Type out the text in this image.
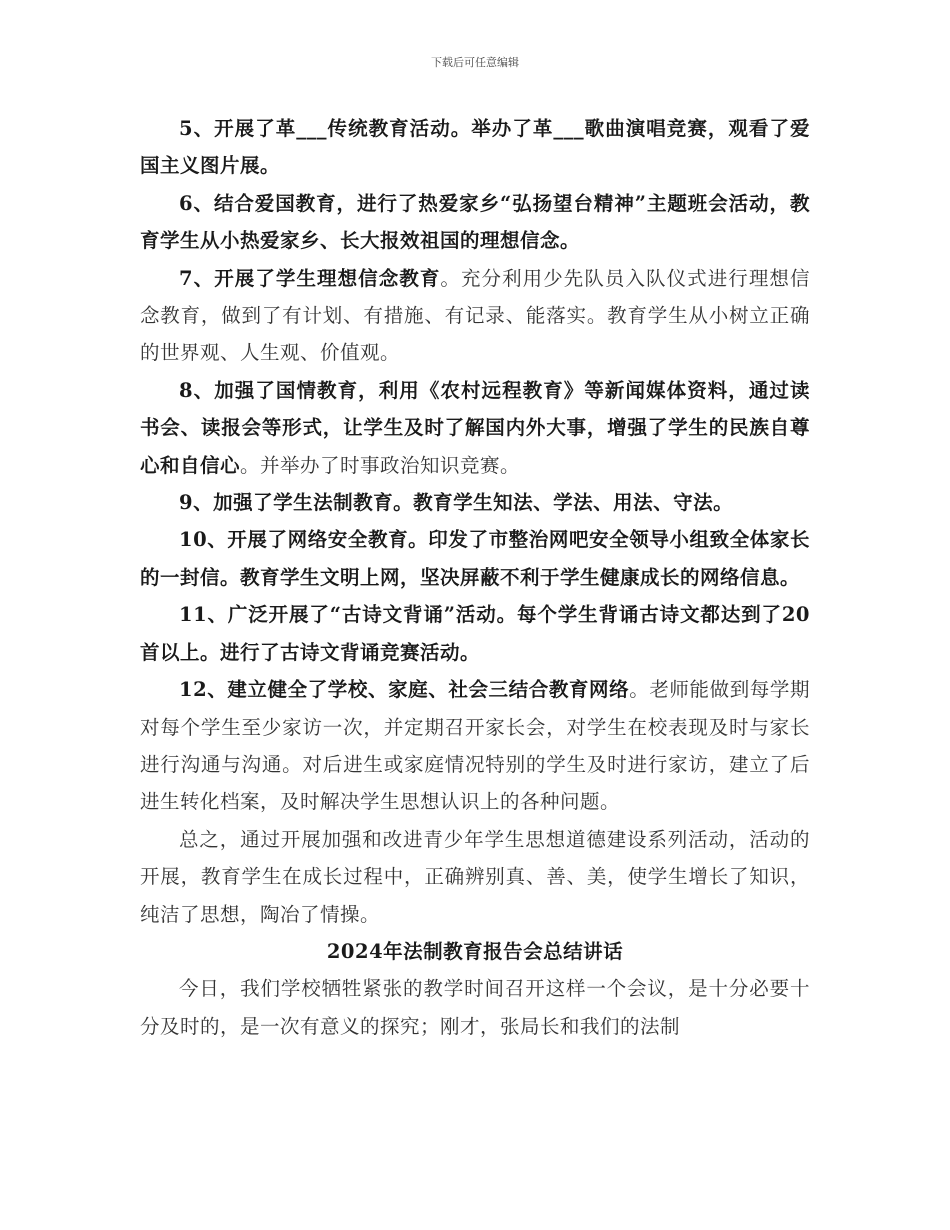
下载后可任意编辑

5、开展了革___传统教育活动。举办了革___歌曲演唱竞赛，观看了爱国主义图片展。

6、结合爱国教育，进行了热爱家乡“弘扬望台精神”主题班会活动，教育学生从小热爱家乡、长大报效祖国的理想信念。

7、开展了学生理想信念教育。充分利用少先队员入队仪式进行理想信念教育，做到了有计划、有措施、有记录、能落实。教育学生从小树立正确的世界观、人生观、价值观。

8、加强了国情教育，利用《农村远程教育》等新闻媒体资料，通过读书会、读报会等形式，让学生及时了解国内外大事，增强了学生的民族自尊心和自信心。并举办了时事政治知识竞赛。

9、加强了学生法制教育。教育学生知法、学法、用法、守法。

10、开展了网络安全教育。印发了市整治网吧安全领导小组致全体家长的一封信。教育学生文明上网，坚决屏蔽不利于学生健康成长的网络信息。

11、广泛开展了“古诗文背诵”活动。每个学生背诵古诗文都达到了20首以上。进行了古诗文背诵竞赛活动。

12、建立健全了学校、家庭、社会三结合教育网络。老师能做到每学期对每个学生至少家访一次，并定期召开家长会，对学生在校表现及时与家长进行沟通与沟通。对后进生或家庭情况特别的学生及时进行家访，建立了后进生转化档案，及时解决学生思想认识上的各种问题。

总之，通过开展加强和改进青少年学生思想道德建设系列活动，活动的开展，教育学生在成长过程中，正确辨别真、善、美，使学生增长了知识，纯洁了思想，陶冶了情操。

2024年法制教育报告会总结讲话

今日，我们学校牺牲紧张的教学时间召开这样一个会议，是十分必要十分及时的，是一次有意义的探究；刚才，张局长和我们的法制
